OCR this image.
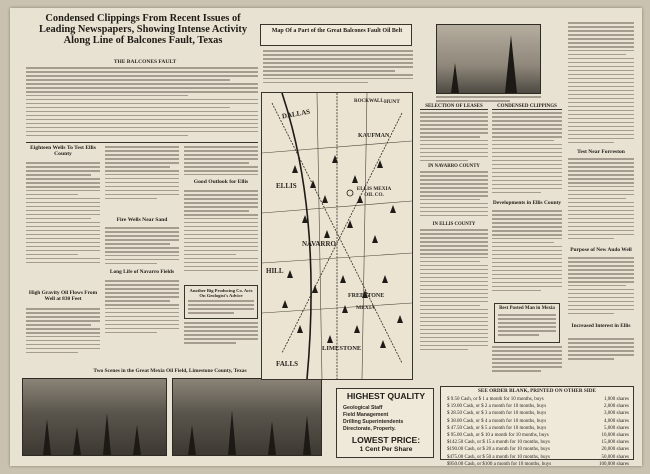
Condensed Clippings From Recent Issues of Leading Newspapers, Showing Intense Activity Along Line of Balcones Fault, Texas
THE BALCONES FAULT
Eighteen Wells To Test Ellis County
High Gravity Oil Flows From Well at 830 Feet
Fire Wells Near Sand
Long Life of Navarro Fields
Good Outlook for Ellis
Another Big Producing Co. Acts On Geologist's Advice
Two Scenes in the Great Mexia Oil Field, Limestone County, Texas
Map Of a Part of the Great Balcones Fault Oil Belt
DALLAS
ROCKWALL HUNT
KAUFMAN
ELLIS	ELLIS MEXIA OIL CO.
NAVARRO
HILL
FREESTONE
MEXIA
LIMESTONE
FALLS
HIGHEST QUALITY
Geological Staff
Field Management
Drilling Superintendents
Directorate, Property.
LOWEST PRICE:
1 Cent Per Share
SELECTION OF LEASES
IN NAVARRO COUNTY
IN ELLIS COUNTY
CONDENSED CLIPPINGS
Developments in Ellis County
Best Posted Man in Mexia
Test Near Forreston
Purpose of New Audo Well
Increased Interest in Ellis
SEE ORDER BLANK, PRINTED ON OTHER SIDE
$ 9.50 Cash, or $ 1 a month for 10 months, buys	1,000 shares
$ 19.00 Cash, or $ 2 a month for 10 months, buys	2,000 shares
$ 28.50 Cash, or $ 3 a month for 10 months, buys	3,000 shares
$ 38.00 Cash, or $ 4 a month for 10 months, buys	4,000 shares
$ 47.50 Cash, or $ 5 a month for 10 months, buys	5,000 shares
$ 95.00 Cash, or $ 10 a month for 10 months, buys	10,000 shares
$142.50 Cash, or $ 15 a month for 10 months, buys	15,000 shares
$190.00 Cash, or $ 20 a month for 10 months, buys	20,000 shares
$475.00 Cash, or $ 50 a month for 10 months, buys	50,000 shares
$950.00 Cash, or $100 a month for 10 months, buys	100,000 shares
